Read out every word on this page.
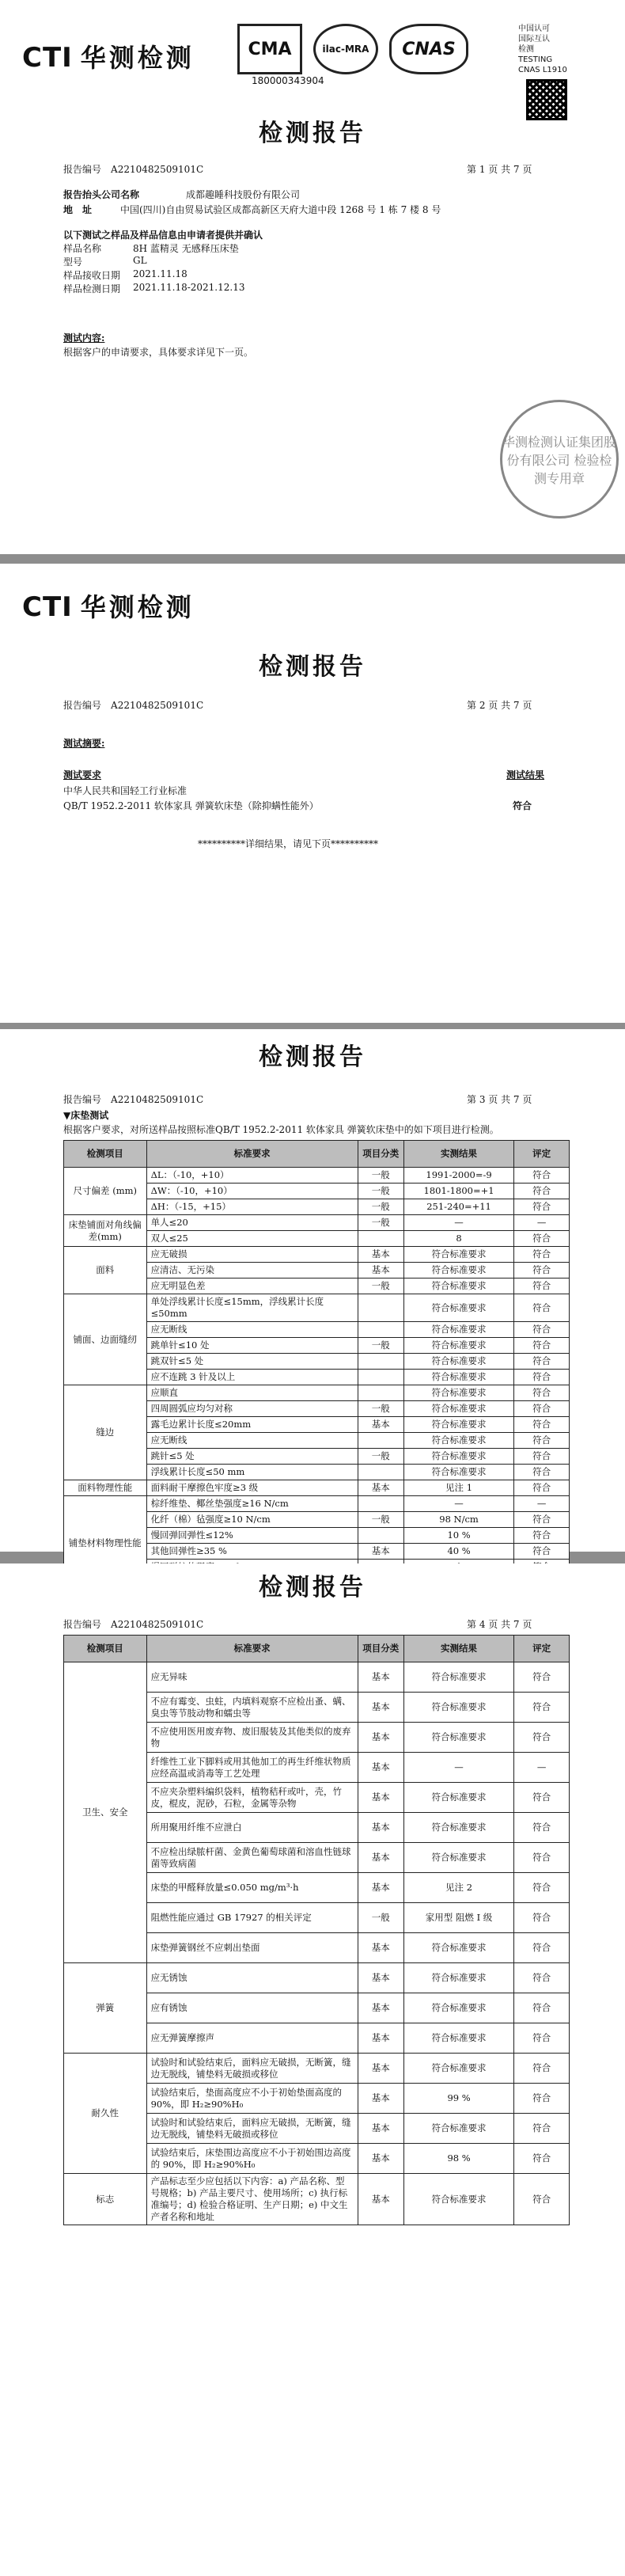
CTI 华测检测	CMA	ilac-MRA	CNAS
180000343904
中国认可
国际互认
检测
TESTING
CNAS L1910
检测报告
报告编号　 A2210482509101C	第 1 页 共 7 页
报告抬头公司名称	成都趣睡科技股份有限公司
地　址	中国(四川)自由贸易试验区成都高新区天府大道中段 1268 号 1 栋 7 楼 8 号
以下测试之样品及样品信息由申请者提供并确认
样品名称	8H 蓝精灵 无感释压床垫
型号	GL
样品接收日期 2021.11.18
样品检测日期 2021.11.18-2021.12.13
测试内容:
根据客户的申请要求，具体要求详见下一页。
华测检测认证集团股份有限公司 检验检测专用章
CTI 华测检测
检测报告
报告编号　 A2210482509101C	第 2 页 共 7 页
测试摘要:
测试要求	测试结果
中华人民共和国轻工行业标准
QB/T 1952.2-2011 软体家具 弹簧软床垫（除抑螨性能外）	符合
**********详细结果，请见下页**********
检测报告
报告编号　 A2210482509101C	第 3 页 共 7 页
▼床垫测试
根据客户要求，对所送样品按照标准QB/T 1952.2-2011 软体家具 弹簧软床垫中的如下项目进行检测。
检测项目	标准要求	项目分类	实测结果	评定
尺寸偏差 (mm)	ΔL：（-10，+10）	一般	1991-2000=-9	符合
	ΔW：（-10，+10）	一般	1801-1800=+1	符合
	ΔH：（-15，+15）	一般	251-240=+11	符合
床垫铺面对角线偏差(mm)	单人≤20	一般	—	—
	双人≤25		8	符合
面料	应无破损	基本	符合标准要求	符合
	应清洁、无污染	基本	符合标准要求	符合
	应无明显色差	一般	符合标准要求	符合
铺面、边面缝纫	单处浮线累计长度≤15mm，浮线累计长度≤50mm		符合标准要求	符合
	应无断线		符合标准要求	符合
	跳单针≤10 处	一般	符合标准要求	符合
	跳双针≤5 处		符合标准要求	符合
	应不连跳 3 针及以上		符合标准要求	符合
缝边	应顺直		符合标准要求	符合
	四周圆弧应均匀对称	一般	符合标准要求	符合
	露毛边累计长度≤20mm	基本	符合标准要求	符合
	应无断线		符合标准要求	符合
	跳针≤5 处	一般	符合标准要求	符合
	浮线累计长度≤50 mm		符合标准要求	符合
面料物理性能	面料耐干摩擦色牢度≥3 级	基本	见注 1	符合
铺垫材料物理性能	棕纤维垫、椰丝垫强度≥16 N/cm		—	—
	化纤（棉）毡强度≥10 N/cm	一般	98 N/cm	符合
	慢回弹回弹性≤12%		10 %	符合
	其他回弹性≥35 %	基本	40 %	符合

检测报告
报告编号　 A2210482509101C	第 4 页 共 7 页
检测项目	标准要求	项目分类	实测结果	评定
卫生、安全	应无异味	基本	符合标准要求	符合
	不应有霉变、虫蛀，内填料观察不应检出蚤、螨、臭虫等节肢动物和蠕虫等	基本	符合标准要求	符合
	不应使用医用废弃物、废旧服装及其他类似的废弃物	基本	符合标准要求	符合
	纤维性工业下脚料或用其他加工的再生纤维状物质应经高温或消毒等工艺处理	基本	—	—
	不应夹杂塑料编织袋料，植物秸秆或叶，壳，竹皮，棍皮，泥砂，石粒，金属等杂物	基本	符合标准要求	符合
	所用聚用纤维不应泄白	基本	符合标准要求	符合
	不应检出绿脓杆菌、金黄色葡萄球菌和溶血性链球菌等致病菌	基本	符合标准要求	符合
	床垫的甲醛释放量≤0.050 mg/m³·h	基本	见注 2	符合
	阻燃性能应通过 GB 17927 的相关评定	一般	家用型 阻燃 I 级	符合
	床垫弹簧钢丝不应刺出垫面	基本	符合标准要求	符合
弹簧	应无锈蚀	基本	符合标准要求	符合
	应有锈蚀	基本	符合标准要求	符合
	应无弹簧摩擦声	基本	符合标准要求	符合
耐久性	试验时和试验结束后，面料应无破损，无断簧，缝边无脱线，铺垫料无破损或移位	基本	符合标准要求	符合
	试验结束后，垫面高度应不小于初始垫面高度的 90%，即 H₂≥90%H₀	基本	99 %	符合
	试验时和试验结束后，面料应无破损，无断簧，缝边无脱线，铺垫料无破损或移位	基本	符合标准要求	符合
	试验结束后，床垫围边高度应不小于初始围边高度的 90%，即 H₂≥90%H₀	基本	98 %	符合
标志	产品标志至少应包括以下内容：a) 产品名称、型号规格；b) 产品主要尺寸、使用场所；c) 执行标准编号；d) 检验合格证明、生产日期；e) 中文生产者名称和地址	基本	符合标准要求	符合
